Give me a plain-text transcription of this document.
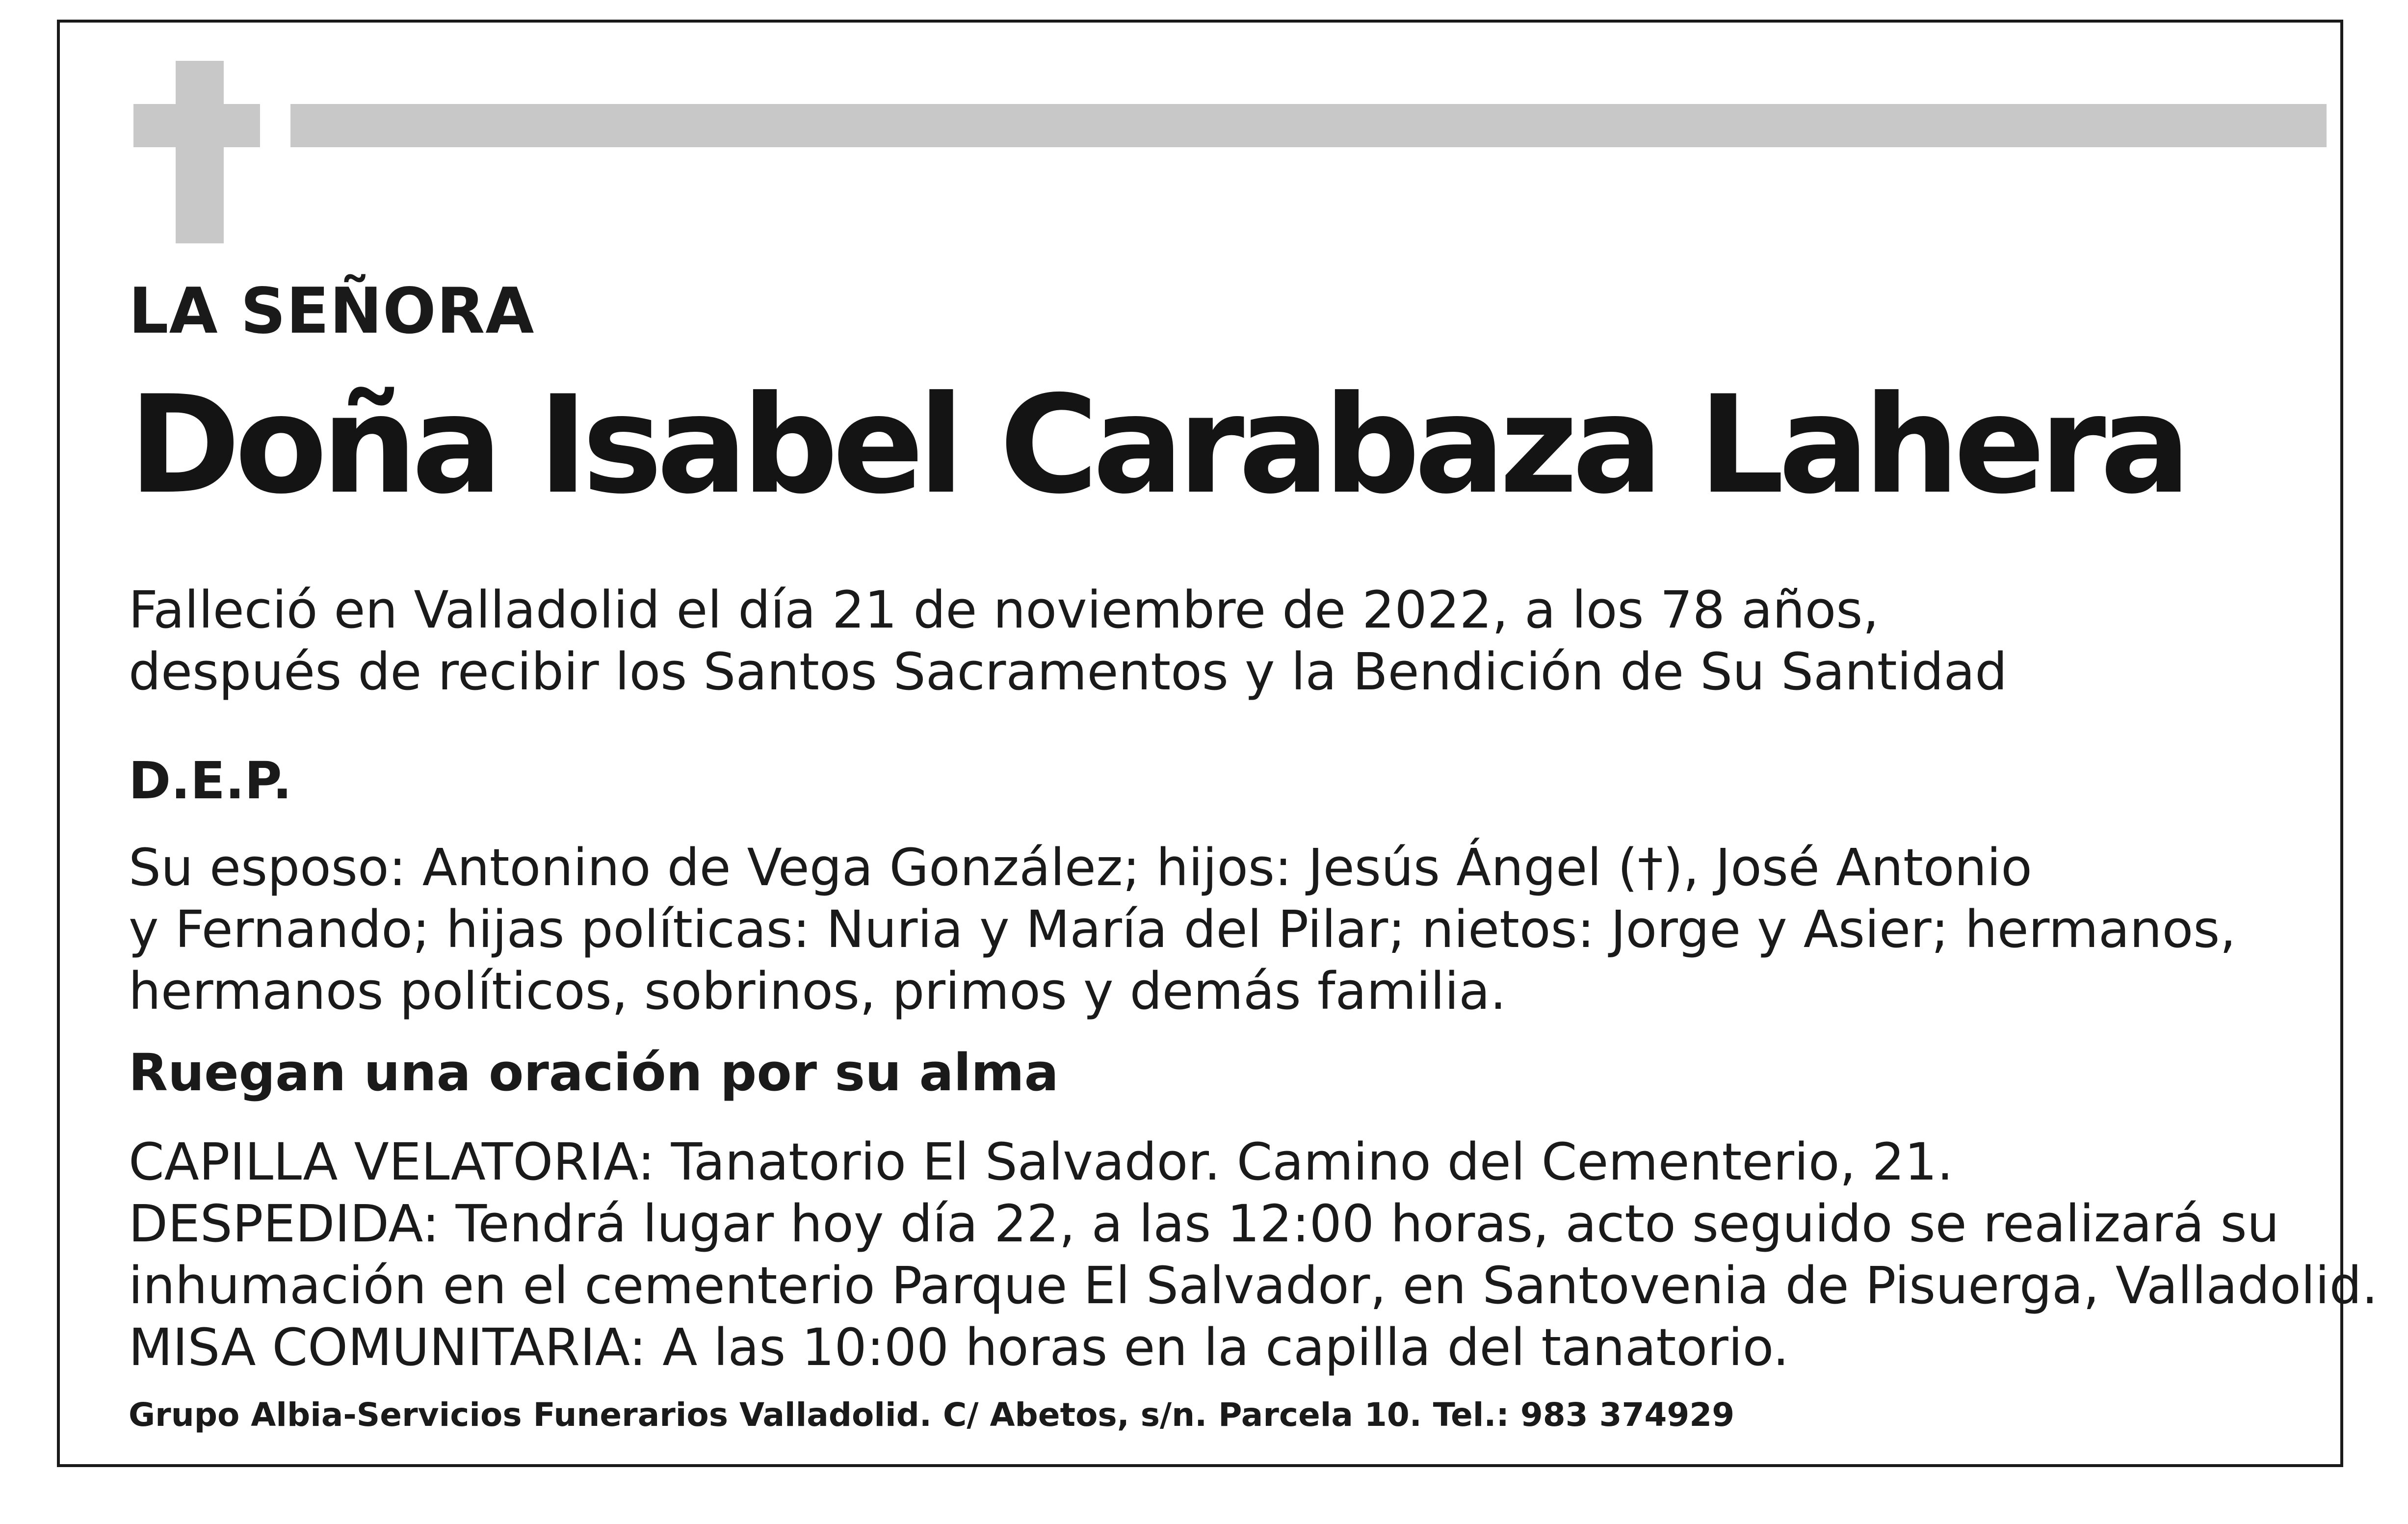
LA SEÑORA

Doña Isabel Carabaza Lahera

Falleció en Valladolid el día 21 de noviembre de 2022, a los 78 años,
después de recibir los Santos Sacramentos y la Bendición de Su Santidad

D.E.P.

Su esposo: Antonino de Vega González; hijos: Jesús Ángel (†), José Antonio
y Fernando; hijas políticas: Nuria y María del Pilar; nietos: Jorge y Asier; hermanos,
hermanos políticos, sobrinos, primos y demás familia.

Ruegan una oración por su alma

CAPILLA VELATORIA: Tanatorio El Salvador. Camino del Cementerio, 21.
DESPEDIDA: Tendrá lugar hoy día 22, a las 12:00 horas, acto seguido se realizará su
inhumación en el cementerio Parque El Salvador, en Santovenia de Pisuerga, Valladolid.
MISA COMUNITARIA: A las 10:00 horas en la capilla del tanatorio.

Grupo Albia-Servicios Funerarios Valladolid. C/ Abetos, s/n. Parcela 10. Tel.: 983 374929
